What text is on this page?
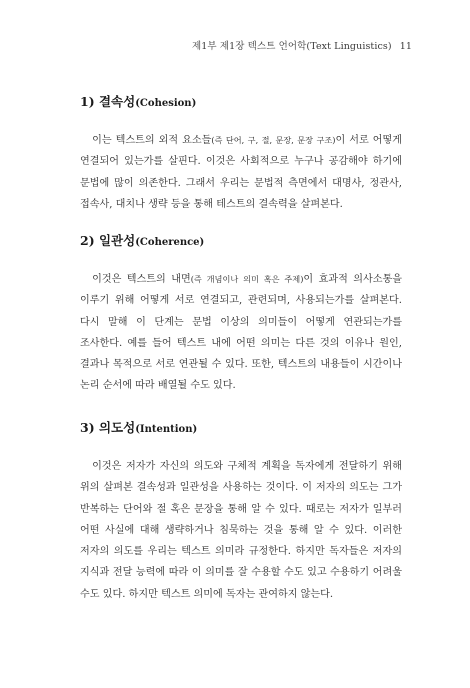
제1부 제1장 텍스트 언어학(Text Linguistics) 11
1) 결속성(Cohesion)

이는 텍스트의 외적 요소들(즉 단어, 구, 절, 문장, 문장 구조)이 서로 어떻게 연결되어 있는가를 살핀다. 이것은 사회적으로 누구나 공감해야 하기에 문법에 많이 의존한다. 그래서 우리는 문법적 측면에서 대명사, 정관사, 접속사, 대치나 생략 등을 통해 테스트의 결속력을 살펴본다.

2) 일관성(Coherence)

이것은 텍스트의 내면(즉 개념이나 의미 혹은 주제)이 효과적 의사소통을 이루기 위해 어떻게 서로 연결되고, 관련되며, 사용되는가를 살펴본다. 다시 말해 이 단계는 문법 이상의 의미들이 어떻게 연관되는가를 조사한다. 예를 들어 텍스트 내에 어떤 의미는 다른 것의 이유나 원인, 결과나 목적으로 서로 연관될 수 있다. 또한, 텍스트의 내용들이 시간이나 논리 순서에 따라 배열될 수도 있다.

3) 의도성(Intention)

이것은 저자가 자신의 의도와 구체적 계획을 독자에게 전달하기 위해 위의 살펴본 결속성과 일관성을 사용하는 것이다. 이 저자의 의도는 그가 반복하는 단어와 절 혹은 문장을 통해 알 수 있다. 때로는 저자가 일부러 어떤 사실에 대해 생략하거나 침묵하는 것을 통해 알 수 있다. 이러한 저자의 의도를 우리는 텍스트 의미라 규정한다. 하지만 독자들은 저자의 지식과 전달 능력에 따라 이 의미를 잘 수용할 수도 있고 수용하기 어려울 수도 있다. 하지만 텍스트 의미에 독자는 관여하지 않는다.
